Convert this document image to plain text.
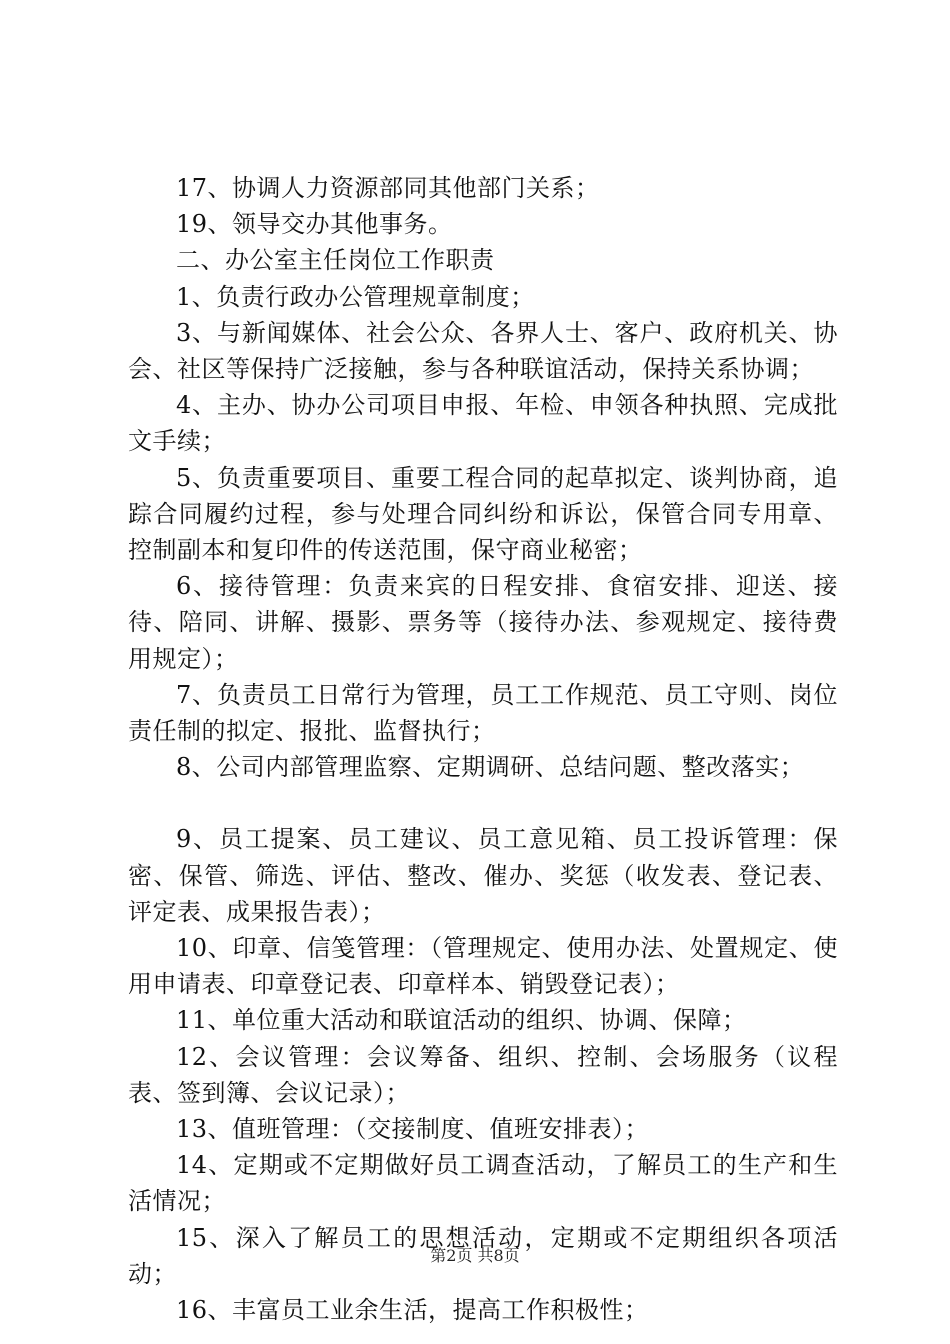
17、协调人力资源部同其他部门关系；

19、领导交办其他事务。

二、办公室主任岗位工作职责

1、负责行政办公管理规章制度；

3、与新闻媒体、社会公众、各界人士、客户、政府机关、协会、社区等保持广泛接触，参与各种联谊活动，保持关系协调；

4、主办、协办公司项目申报、年检、申领各种执照、完成批文手续；

5、负责重要项目、重要工程合同的起草拟定、谈判协商，追踪合同履约过程，参与处理合同纠纷和诉讼，保管合同专用章、控制副本和复印件的传送范围，保守商业秘密；

6、接待管理：负责来宾的日程安排、食宿安排、迎送、接待、陪同、讲解、摄影、票务等（接待办法、参观规定、接待费用规定）；

7、负责员工日常行为管理，员工工作规范、员工守则、岗位责任制的拟定、报批、监督执行；

8、公司内部管理监察、定期调研、总结问题、整改落实；

9、员工提案、员工建议、员工意见箱、员工投诉管理：保密、保管、筛选、评估、整改、催办、奖惩（收发表、登记表、评定表、成果报告表）；

10、印章、信笺管理：（管理规定、使用办法、处置规定、使用申请表、印章登记表、印章样本、销毁登记表）；

11、单位重大活动和联谊活动的组织、协调、保障；

12、会议管理：会议筹备、组织、控制、会场服务（议程表、签到簿、会议记录）；

13、值班管理：（交接制度、值班安排表）；

14、定期或不定期做好员工调查活动，了解员工的生产和生活情况；

15、深入了解员工的思想活动，定期或不定期组织各项活动；

16、丰富员工业余生活，提高工作积极性；

第2页 共8页
